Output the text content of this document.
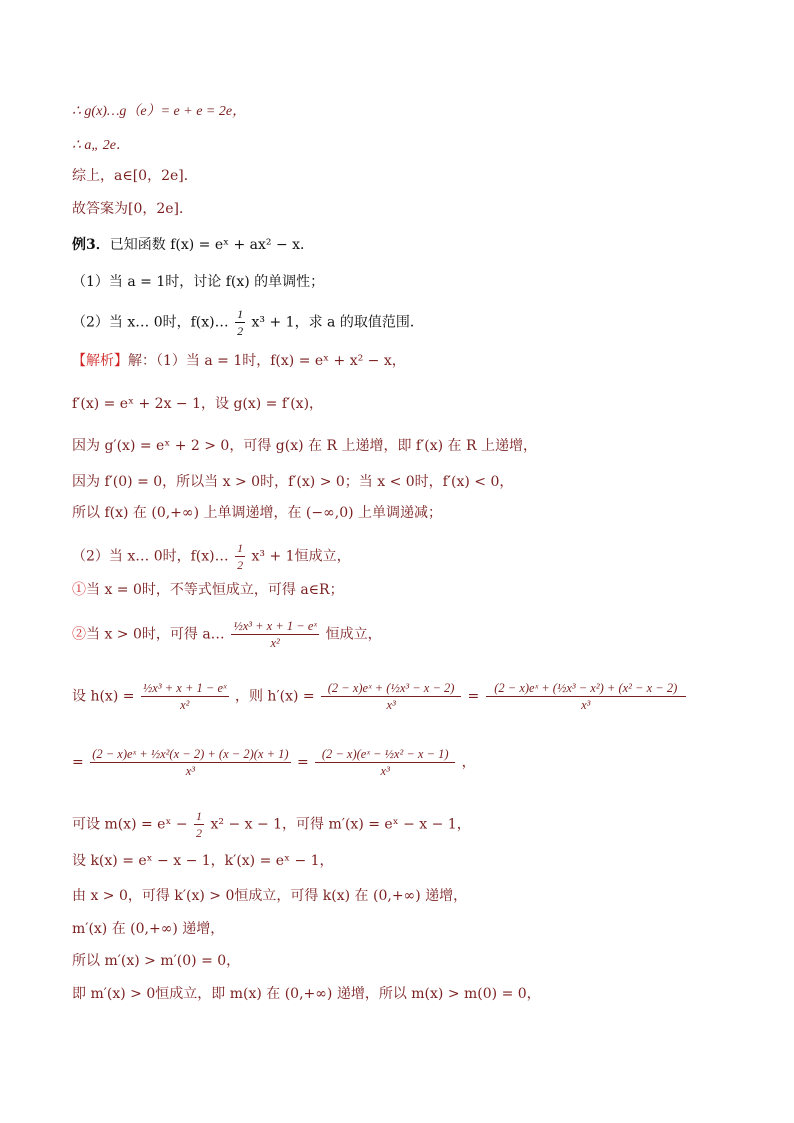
∴ g(x)…g（e）= e + e = 2e，
∴ a„ 2e．
综上，a∈[0，2e]．
故答案为[0，2e]．
例3．已知函数 f(x) = eˣ + ax² − x．
（1）当 a = 1时，讨论 f(x) 的单调性；
（2）当 x… 0时，f(x)… $\frac{1}{2} x^3 + 1$，求 a 的取值范围．
【解析】解：（1）当 a = 1时，f(x) = eˣ + x² − x，
f′(x) = eˣ + 2x − 1，设 g(x) = f′(x)，
因为 g′(x) = eˣ + 2 > 0，可得 g(x) 在 R 上递增，即 f′(x) 在 R 上递增，
因为 f′(0) = 0，所以当 x > 0时，f′(x) > 0；当 x < 0时，f′(x) < 0，
所以 f(x) 在 (0,+∞) 上单调递增，在 (−∞,0) 上单调递减；
（2）当 x… 0时，f(x)… $\frac{1}{2} x^3 + 1$恒成立，
①当 x = 0时，不等式恒成立，可得 a∈R；
②当 x > 0时，可得 a… $\frac{\text{½x³ + x + 1 − eˣ}}{\text{x²}}$ 恒成立，
设 $h(x) = \frac{\text{½x³ + x + 1 − eˣ}}{\text{x²}}$ ，则 $h'(x) = \frac{\text{(2 − x)eˣ + (½x³ − x − 2)}}{\text{x³}} = \frac{\text{(2 − x)eˣ + (½x³ − x²) + (x² − x − 2)}}{\text{x³}}$
= $\frac{\text{(2 − x)eˣ + ½x²(x − 2) + (x − 2)(x + 1)}}{\text{x³}} = \frac{\text{(2 − x)(eˣ − ½x² − x − 1)}}{\text{x³}}$ ，
可设 m(x) = eˣ − $\frac{1}{2} x^2 - x - 1$，可得 m′(x) = eˣ − x − 1，
设 k(x) = eˣ − x − 1，k′(x) = eˣ − 1，
由 x > 0，可得 k′(x) > 0恒成立，可得 k(x) 在 (0,+∞) 递增，
m′(x) 在 (0,+∞) 递增，
所以 m′(x) > m′(0) = 0，
即 m′(x) > 0恒成立，即 m(x) 在 (0,+∞) 递增，所以 m(x) > m(0) = 0，
